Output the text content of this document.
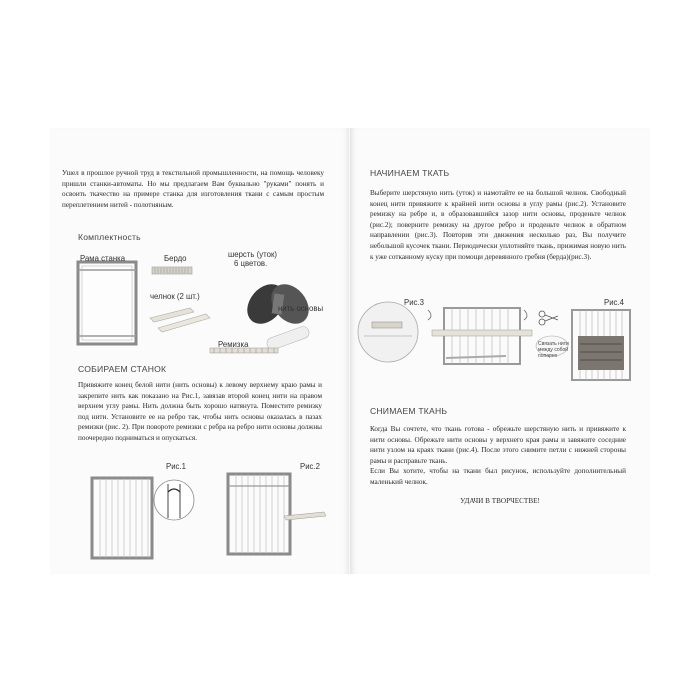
Ушел в прошлое ручной труд в текстильной промышленности, на помощь человеку пришли станки-автоматы. Но мы предлагаем Вам буквально "руками" понять и освоить ткачество на примере станка для изготовления ткани с самым простым переплетением нитей - полотняным.

Комплектность
Рама станка	Бердо	шерсть (уток)
6 цветов.
челнок (2 шт.)
нить основы
Ремизка
СОБИРАЕМ СТАНОК

Привяжите конец белой нити (нить основы) к левому верхнему краю рамы и закрепите нить как показано на Рис.1, завязав второй конец нити на правом верхнем углу рамы. Нить должна быть хорошо натянута. Поместите ремизку под нити. Установите ее на ребро так, чтобы нить основы оказалась в пазах ремизки (рис. 2). При повороте ремизки с ребра на ребро нити основы должны поочередно подниматься и опускаться.

Рис.1	Рис.2
НАЧИНАЕМ ТКАТЬ

Выберите шерстяную нить (уток) и намотайте ее на большой челнок. Свободный конец нити привяжите к крайней нити основы в углу рамы (рис.2). Установите ремизку на ребре и, в образовавшийся зазор нити основы, проденьте челнок (рис.2); поверните ремизку на другое ребро и проденьте челнок в обратном направлении (рис.3). Повторив эти движения несколько раз, Вы получите небольшой кусочек ткани. Периодически уплотняйте ткань, прижимая новую нить к уже сотканному куску при помощи деревянного гребня (берда)(рис.3).

Рис.3	Рис.4
Связать нити между собой попарно
СНИМАЕМ ТКАНЬ

Когда Вы сочтете, что ткань готова - обрежьте шерстяную нить и привяжите к нити основы. Обрежьте нити основы у верхнего края рамы и завяжите соседние нити узлом на краях ткани (рис.4). После этого снимите петли с нижней стороны рамы и расправьте ткань.

Если Вы хотите, чтобы на ткани был рисунок, используйте дополнительный маленький челнок.

УДАЧИ В ТВОРЧЕСТВЕ!
